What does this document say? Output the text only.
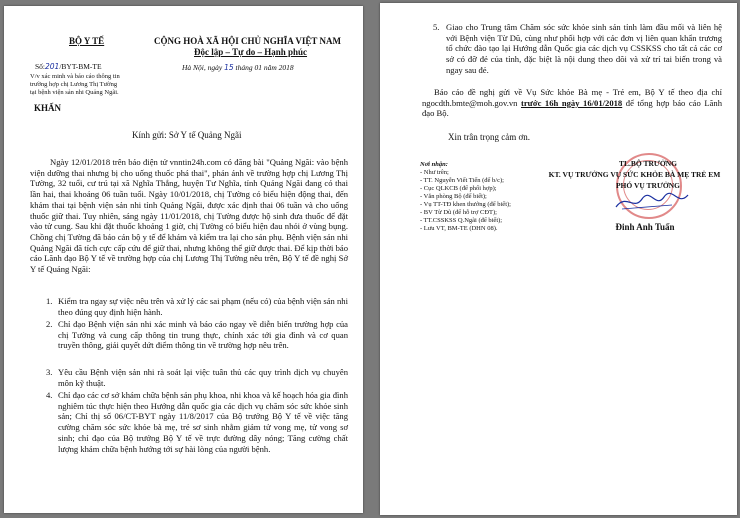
BỘ Y TẾ
Số:201/BYT-BM-TE
V/v xác minh và báo cáo thông tin
trường hợp chị Lương Thị Tường
tại bệnh viện sản nhi Quảng Ngãi.
CỘNG HOÀ XÃ HỘI CHỦ NGHĨA VIỆT NAM
Độc lập – Tự do – Hạnh phúc
Hà Nội, ngày 15 tháng 01 năm 2018
KHẨN
Kính gửi: Sở Y tế Quảng Ngãi
Ngày 12/01/2018 trên báo điện tử vnntin24h.com có đăng bài "Quảng Ngãi: vào bệnh viện dưỡng thai nhưng bị cho uống thuốc phá thai", phản ánh về trường hợp chị Lương Thị Tường, 32 tuổi, cư trú tại xã Nghĩa Thắng, huyện Tư Nghĩa, tỉnh Quảng Ngãi đang có thai lần hai, thai khoảng 06 tuần tuổi. Ngày 10/01/2018, chị Tường có biểu hiện động thai, đến khám thai tại bệnh viện sản nhi tỉnh Quảng Ngãi, được xác định thai 06 tuần và cho uống thuốc giữ thai. Tuy nhiên, sáng ngày 11/01/2018, chị Tường được hộ sinh đưa thuốc để đặt vào tử cung. Sau khi đặt thuốc khoảng 1 giờ, chị Tường có biểu hiện đau nhói ở vùng bụng. Chồng chị Tường đã báo cán bộ y tế để khám và kiểm tra lại cho sản phụ. Bệnh viện sản nhi Quảng Ngãi đã tích cực cấp cứu để giữ thai, nhưng không thể giữ được thai. Để kịp thời báo cáo Lãnh đạo Bộ Y tế về trường hợp của chị Lương Thị Tường nêu trên, Bộ Y tế đề nghị Sở Y tế Quảng Ngãi:
1. Kiểm tra ngay sự việc nêu trên và xử lý các sai phạm (nếu có) của bệnh viện sản nhi theo đúng quy định hiện hành.
2. Chỉ đạo Bệnh viện sản nhi xác minh và báo cáo ngay về diễn biến trường hợp của chị Tường và cung cấp thông tin trung thực, chính xác tới gia đình và cơ quan truyền thông, giải quyết dứt điểm thông tin về trường hợp nêu trên.
3. Yêu cầu Bệnh viện sản nhi rà soát lại việc tuân thủ các quy trình dịch vụ chuyên môn kỹ thuật.
4. Chỉ đạo các cơ sở khám chữa bệnh sản phụ khoa, nhi khoa và kế hoạch hóa gia đình nghiêm túc thực hiện theo Hướng dẫn quốc gia các dịch vụ chăm sóc sức khỏe sinh sản; Chỉ thị số 06/CT-BYT ngày 11/8/2017 của Bộ trưởng Bộ Y tế về việc tăng cường chăm sóc sức khỏe bà mẹ, trẻ sơ sinh nhằm giảm tử vong mẹ, tử vong sơ sinh; chỉ đạo của Bộ trưởng Bộ Y tế về trực đường dây nóng; Tăng cường chất lượng khám chữa bệnh hướng tới sự hài lòng của người bệnh.
5. Giao cho Trung tâm Chăm sóc sức khỏe sinh sản tỉnh làm đầu mối và liên hệ với Bệnh viện Từ Dũ, cùng như phối hợp với các đơn vị liên quan khẩn trương tổ chức đào tạo lại Hướng dẫn Quốc gia các dịch vụ CSSKSS cho tất cả các cơ sở có đỡ đẻ của tỉnh, đặc biệt là nội dung theo dõi và xử trí tai biến trong và ngay sau đẻ.
Báo cáo đề nghị gửi về Vụ Sức khỏe Bà mẹ - Trẻ em, Bộ Y tế theo địa chỉ ngocdth.bmte@moh.gov.vn trước 16h ngày 16/01/2018 để tổng hợp báo cáo Lãnh đạo Bộ.
Xin trân trọng cảm ơn.
Nơi nhận:
- Như trên;
- TT. Nguyễn Viết Tiến (để b/c);
- Cục QLKCB (để phối hợp);
- Văn phòng Bộ (để biết);
- Vụ TT-TĐ khen thưởng (để biết);
- BV Từ Dũ (để hỗ trợ CĐT);
- TT.CSSKSS Q.Ngãi (để biết);
- Lưu VT, BM-TE (DHN 08).
TL.BỘ TRƯỞNG
KT. VỤ TRƯỞNG VỤ SỨC KHỎE BÀ MẸ TRẺ EM
PHÓ VỤ TRƯỞNG
Đinh Anh Tuấn
